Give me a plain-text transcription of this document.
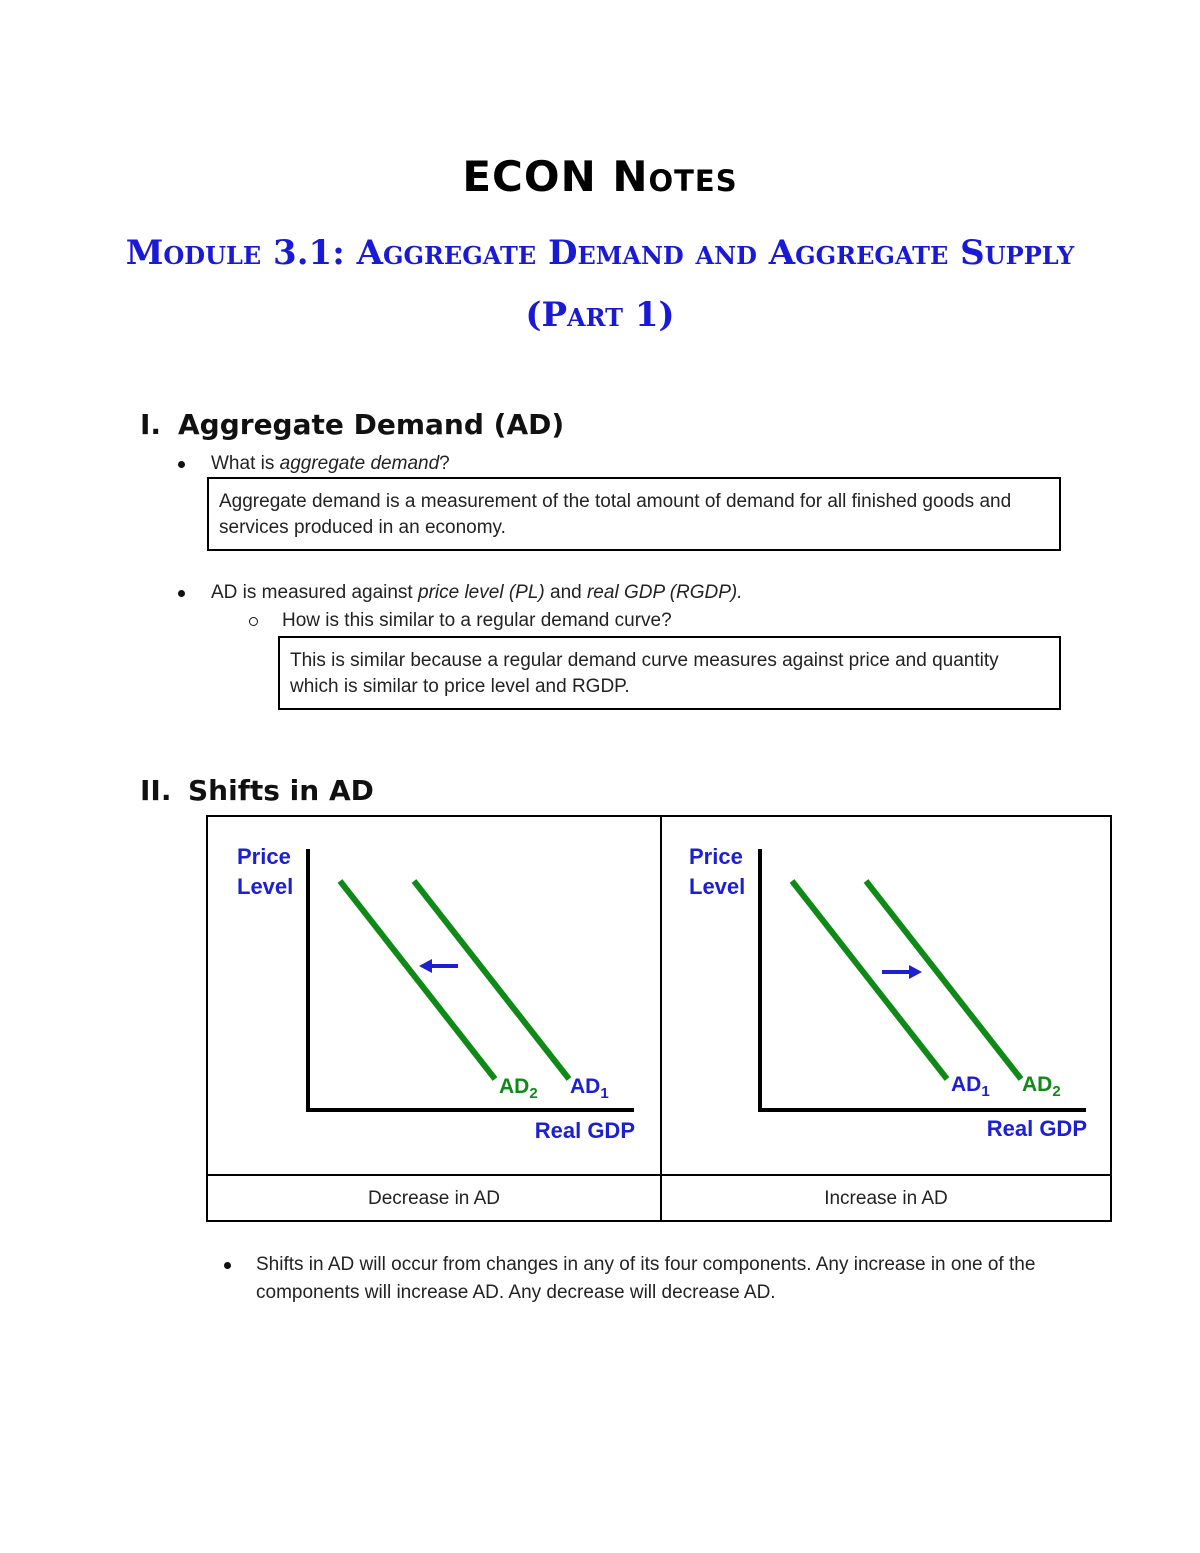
ECON Notes
Module 3.1: Aggregate Demand and Aggregate Supply (Part 1)
I. Aggregate Demand (AD)
What is aggregate demand?
Aggregate demand is a measurement of the total amount of demand for all finished goods and services produced in an economy.
AD is measured against price level (PL) and real GDP (RGDP).
How is this similar to a regular demand curve?
This is similar because a regular demand curve measures against price and quantity which is similar to price level and RGDP.
II. Shifts in AD
Price
Level
$AD_2$ $AD_1$
Real GDP
Price
Level
$AD_1$ $AD_2$
Real GDP
Decrease in AD	Increase in AD
Shifts in AD will occur from changes in any of its four components. Any increase in one of the components will increase AD. Any decrease will decrease AD.
